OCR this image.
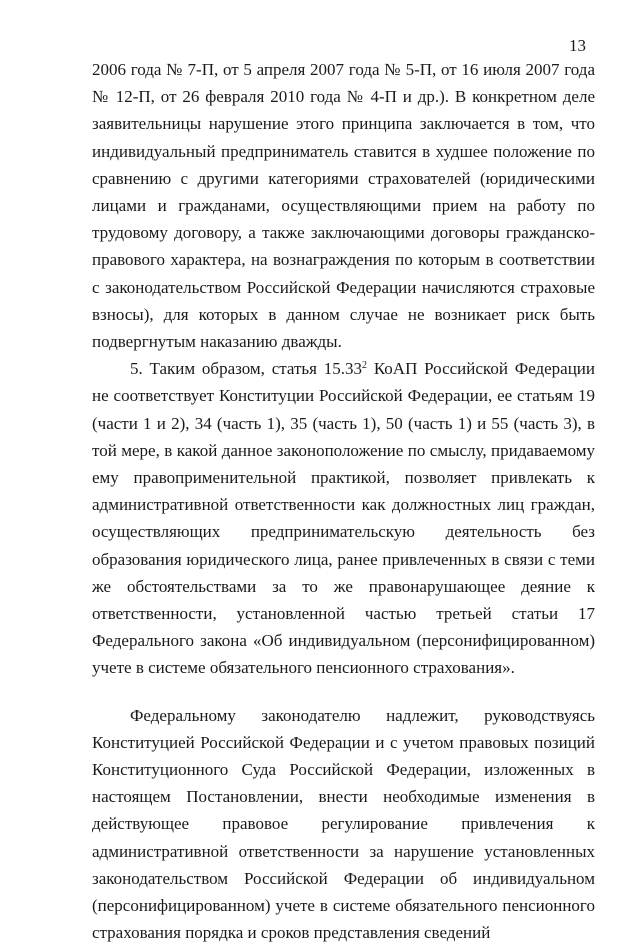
13

2006 года № 7-П, от 5 апреля 2007 года № 5-П, от 16 июля 2007 года № 12-П, от 26 февраля 2010 года № 4-П и др.). В конкретном деле заявительницы нарушение этого принципа заключается в том, что индивидуальный предприниматель ставится в худшее положение по сравнению с другими категориями страхователей (юридическими лицами и гражданами, осуществляющими прием на работу по трудовому договору, а также заключающими договоры гражданско-правового характера, на вознаграждения по которым в соответствии с законодательством Российской Федерации начисляются страховые взносы), для которых в данном случае не возникает риск быть подвергнутым наказанию дважды.

5. Таким образом, статья 15.33$^2$ КоАП Российской Федерации не соответствует Конституции Российской Федерации, ее статьям 19 (части 1 и 2), 34 (часть 1), 35 (часть 1), 50 (часть 1) и 55 (часть 3), в той мере, в какой данное законоположение по смыслу, придаваемому ему правоприменительной практикой, позволяет привлекать к административной ответственности как должностных лиц граждан, осуществляющих предпринимательскую деятельность без образования юридического лица, ранее привлеченных в связи с теми же обстоятельствами за то же правонарушающее деяние к ответственности, установленной частью третьей статьи 17 Федерального закона «Об индивидуальном (персонифицированном) учете в системе обязательного пенсионного страхования».

Федеральному законодателю надлежит, руководствуясь Конституцией Российской Федерации и с учетом правовых позиций Конституционного Суда Российской Федерации, изложенных в настоящем Постановлении, внести необходимые изменения в действующее правовое регулирование привлечения к административной ответственности за нарушение установленных законодательством Российской Федерации об индивидуальном (персонифицированном) учете в системе обязательного пенсионного страхования порядка и сроков представления сведений
